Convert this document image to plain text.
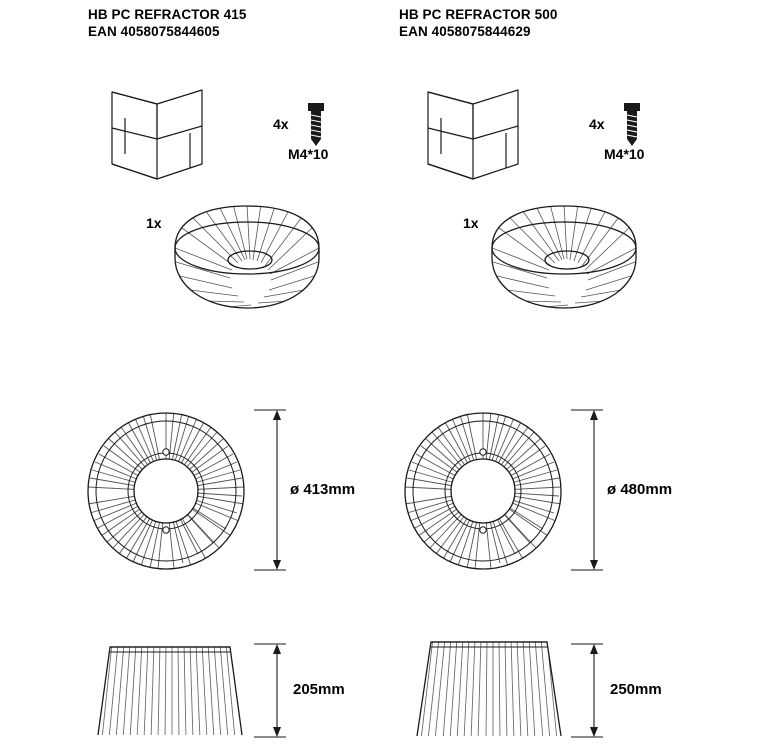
HB PC REFRACTOR 415
EAN 4058075844605
4x
M4*10
1x
ø 413mm
205mm
HB PC REFRACTOR 500
EAN 4058075844629
4x
M4*10
1x
ø 480mm
250mm
